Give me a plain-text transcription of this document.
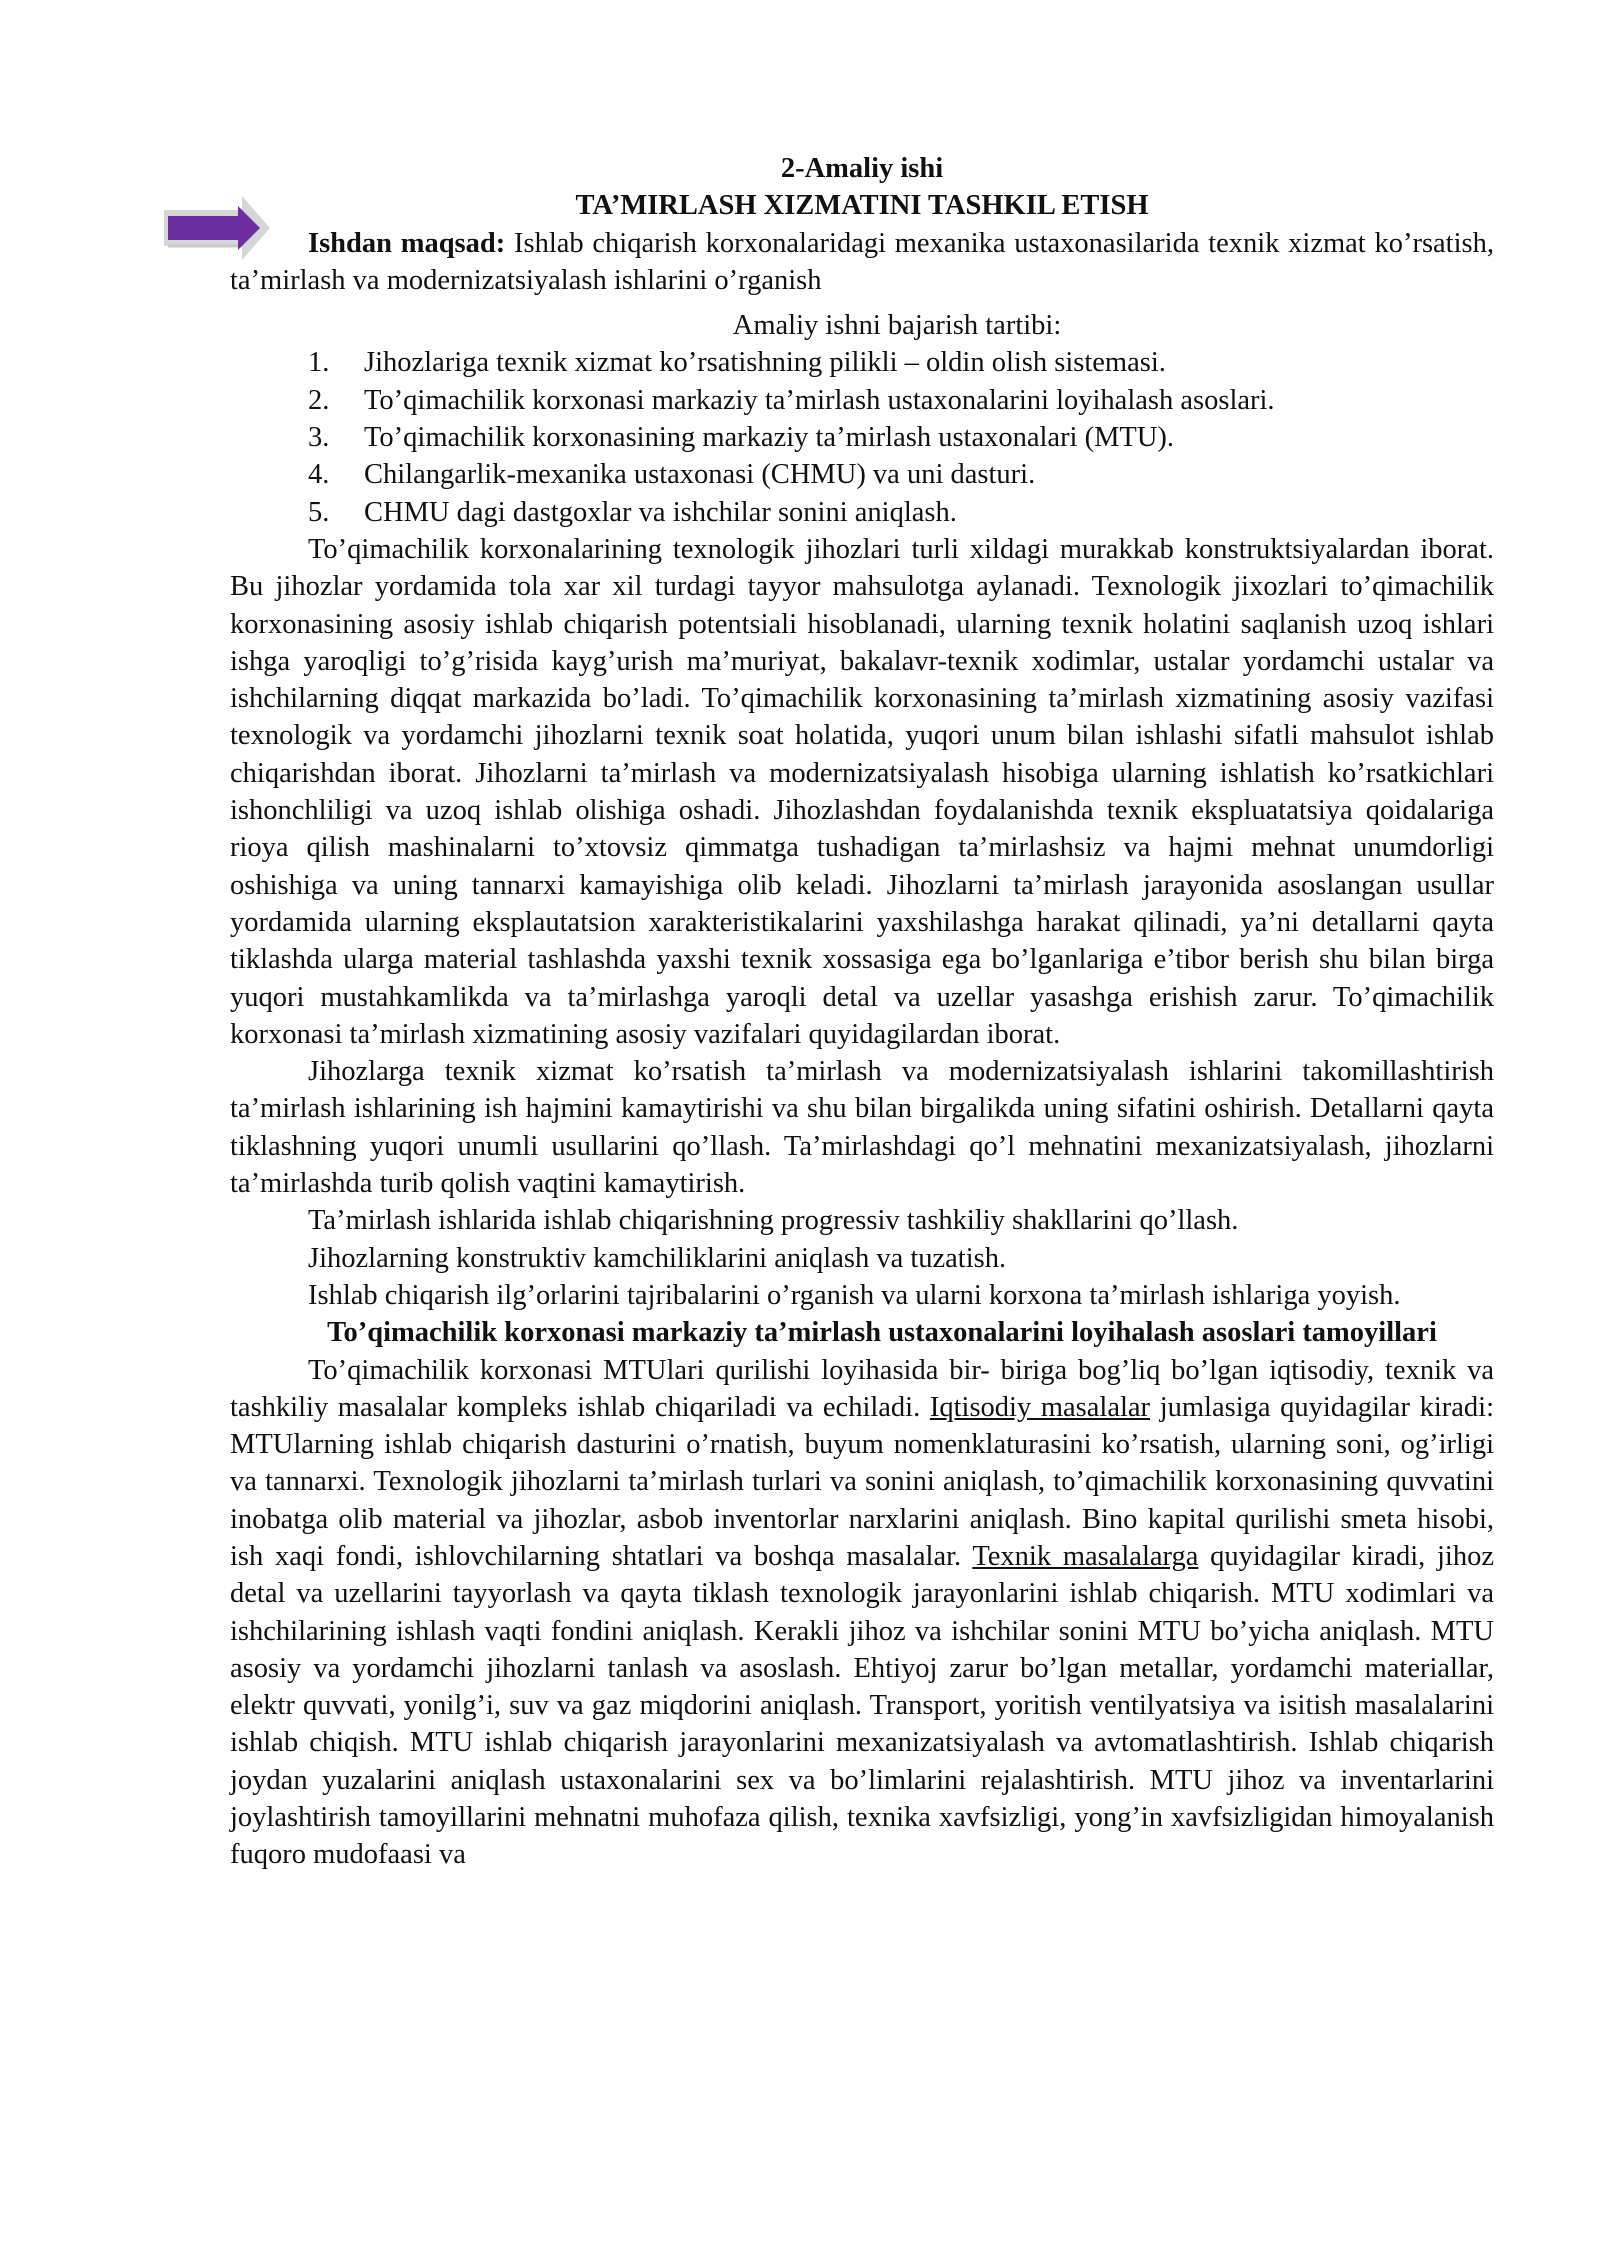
2-Amaliy ishi
TA’MIRLASH XIZMATINI TASHKIL ETISH

Ishdan maqsad: Ishlab chiqarish korxonalaridagi mexanika ustaxonasilarida texnik xizmat ko’rsatish, ta’mirlash va modernizatsiyalash ishlarini o’rganish

Amaliy ishni bajarish tartibi:
1. Jihozlariga texnik xizmat ko’rsatishning pilikli – oldin olish sistemasi.
2. To’qimachilik korxonasi markaziy ta’mirlash ustaxonalarini loyihalash asoslari.
3. To’qimachilik korxonasining markaziy ta’mirlash ustaxonalari (MTU).
4. Chilangarlik-mexanika ustaxonasi (CHMU) va uni dasturi.
5. CHMU dagi dastgoxlar va ishchilar sonini aniqlash.

To’qimachilik korxonalarining texnologik jihozlari turli xildagi murakkab konstruktsiyalardan iborat. Bu jihozlar yordamida tola xar xil turdagi tayyor mahsulotga aylanadi. Texnologik jixozlari to’qimachilik korxonasining asosiy ishlab chiqarish potentsiali hisoblanadi, ularning texnik holatini saqlanish uzoq ishlari ishga yaroqligi to’g’risida kayg’urish ma’muriyat, bakalavr-texnik xodimlar, ustalar yordamchi ustalar va ishchilarning diqqat markazida bo’ladi. To’qimachilik korxonasining ta’mirlash xizmatining asosiy vazifasi texnologik va yordamchi jihozlarni texnik soat holatida, yuqori unum bilan ishlashi sifatli mahsulot ishlab chiqarishdan iborat. Jihozlarni ta’mirlash va modernizatsiyalash hisobiga ularning ishlatish ko’rsatkichlari ishonchliligi va uzoq ishlab olishiga oshadi. Jihozlashdan foydalanishda texnik ekspluatatsiya qoidalariga rioya qilish mashinalarni to’xtovsiz qimmatga tushadigan ta’mirlashsiz va hajmi mehnat unumdorligi oshishiga va uning tannarxi kamayishiga olib keladi. Jihozlarni ta’mirlash jarayonida asoslangan usullar yordamida ularning eksplautatsion xarakteristikalarini yaxshilashga harakat qilinadi, ya’ni detallarni qayta tiklashda ularga material tashlashda yaxshi texnik xossasiga ega bo’lganlariga e’tibor berish shu bilan birga yuqori mustahkamlikda va ta’mirlashga yaroqli detal va uzellar yasashga erishish zarur. To’qimachilik korxonasi ta’mirlash xizmatining asosiy vazifalari quyidagilardan iborat.

Jihozlarga texnik xizmat ko’rsatish ta’mirlash va modernizatsiyalash ishlarini takomillashtirish ta’mirlash ishlarining ish hajmini kamaytirishi va shu bilan birgalikda uning sifatini oshirish. Detallarni qayta tiklashning yuqori unumli usullarini qo’llash. Ta’mirlashdagi qo’l mehnatini mexanizatsiyalash, jihozlarni ta’mirlashda turib qolish vaqtini kamaytirish.

Ta’mirlash ishlarida ishlab chiqarishning progressiv tashkiliy shakllarini qo’llash.

Jihozlarning konstruktiv kamchiliklarini aniqlash va tuzatish.

Ishlab chiqarish ilg’orlarini tajribalarini o’rganish va ularni korxona ta’mirlash ishlariga yoyish.

To’qimachilik korxonasi markaziy ta’mirlash ustaxonalarini loyihalash asoslari tamoyillari

To’qimachilik korxonasi MTUlari qurilishi loyihasida bir- biriga bog’liq bo’lgan iqtisodiy, texnik va tashkiliy masalalar kompleks ishlab chiqariladi va echiladi. Iqtisodiy masalalar jumlasiga quyidagilar kiradi: MTUlarning ishlab chiqarish dasturini o’rnatish, buyum nomenklaturasini ko’rsatish, ularning soni, og’irligi va tannarxi. Texnologik jihozlarni ta’mirlash turlari va sonini aniqlash, to’qimachilik korxonasining quvvatini inobatga olib material va jihozlar, asbob inventorlar narxlarini aniqlash. Bino kapital qurilishi smeta hisobi, ish xaqi fondi, ishlovchilarning shtatlari va boshqa masalalar. Texnik masalalarga quyidagilar kiradi, jihoz detal va uzellarini tayyorlash va qayta tiklash texnologik jarayonlarini ishlab chiqarish. MTU xodimlari va ishchilarining ishlash vaqti fondini aniqlash. Kerakli jihoz va ishchilar sonini MTU bo’yicha aniqlash. MTU asosiy va yordamchi jihozlarni tanlash va asoslash. Ehtiyoj zarur bo’lgan metallar, yordamchi materiallar, elektr quvvati, yonilg’i, suv va gaz miqdorini aniqlash. Transport, yoritish ventilyatsiya va isitish masalalarini ishlab chiqish. MTU ishlab chiqarish jarayonlarini mexanizatsiyalash va avtomatlashtirish. Ishlab chiqarish joydan yuzalarini aniqlash ustaxonalarini sex va bo’limlarini rejalashtirish. MTU jihoz va inventarlarini joylashtirish tamoyillarini mehnatni muhofaza qilish, texnika xavfsizligi, yong’in xavfsizligidan himoyalanish fuqoro mudofaasi va
